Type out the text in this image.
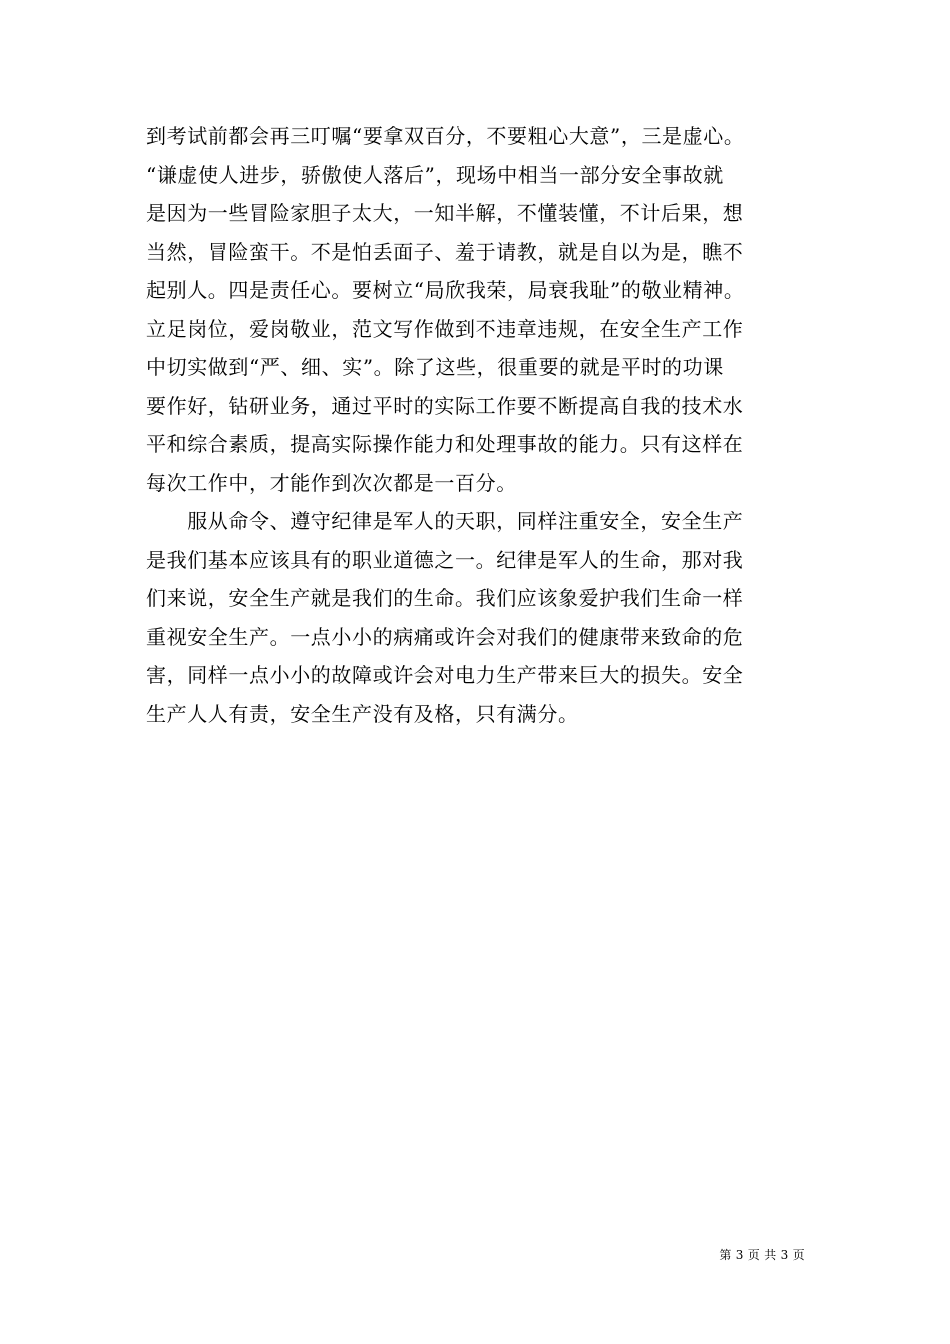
到考试前都会再三叮嘱“要拿双百分，不要粗心大意”，三是虚心。
“谦虚使人进步，骄傲使人落后”，现场中相当一部分安全事故就
是因为一些冒险家胆子太大，一知半解，不懂装懂，不计后果，想
当然，冒险蛮干。不是怕丢面子、羞于请教，就是自以为是，瞧不
起别人。四是责任心。要树立“局欣我荣，局衰我耻”的敬业精神。
立足岗位，爱岗敬业，范文写作做到不违章违规，在安全生产工作
中切实做到“严、细、实”。除了这些，很重要的就是平时的功课
要作好，钻研业务，通过平时的实际工作要不断提高自我的技术水
平和综合素质，提高实际操作能力和处理事故的能力。只有这样在
每次工作中，才能作到次次都是一百分。
　　服从命令、遵守纪律是军人的天职，同样注重安全，安全生产
是我们基本应该具有的职业道德之一。纪律是军人的生命，那对我
们来说，安全生产就是我们的生命。我们应该象爱护我们生命一样
重视安全生产。一点小小的病痛或许会对我们的健康带来致命的危
害，同样一点小小的故障或许会对电力生产带来巨大的损失。安全
生产人人有责，安全生产没有及格，只有满分。
第 3 页 共 3 页
